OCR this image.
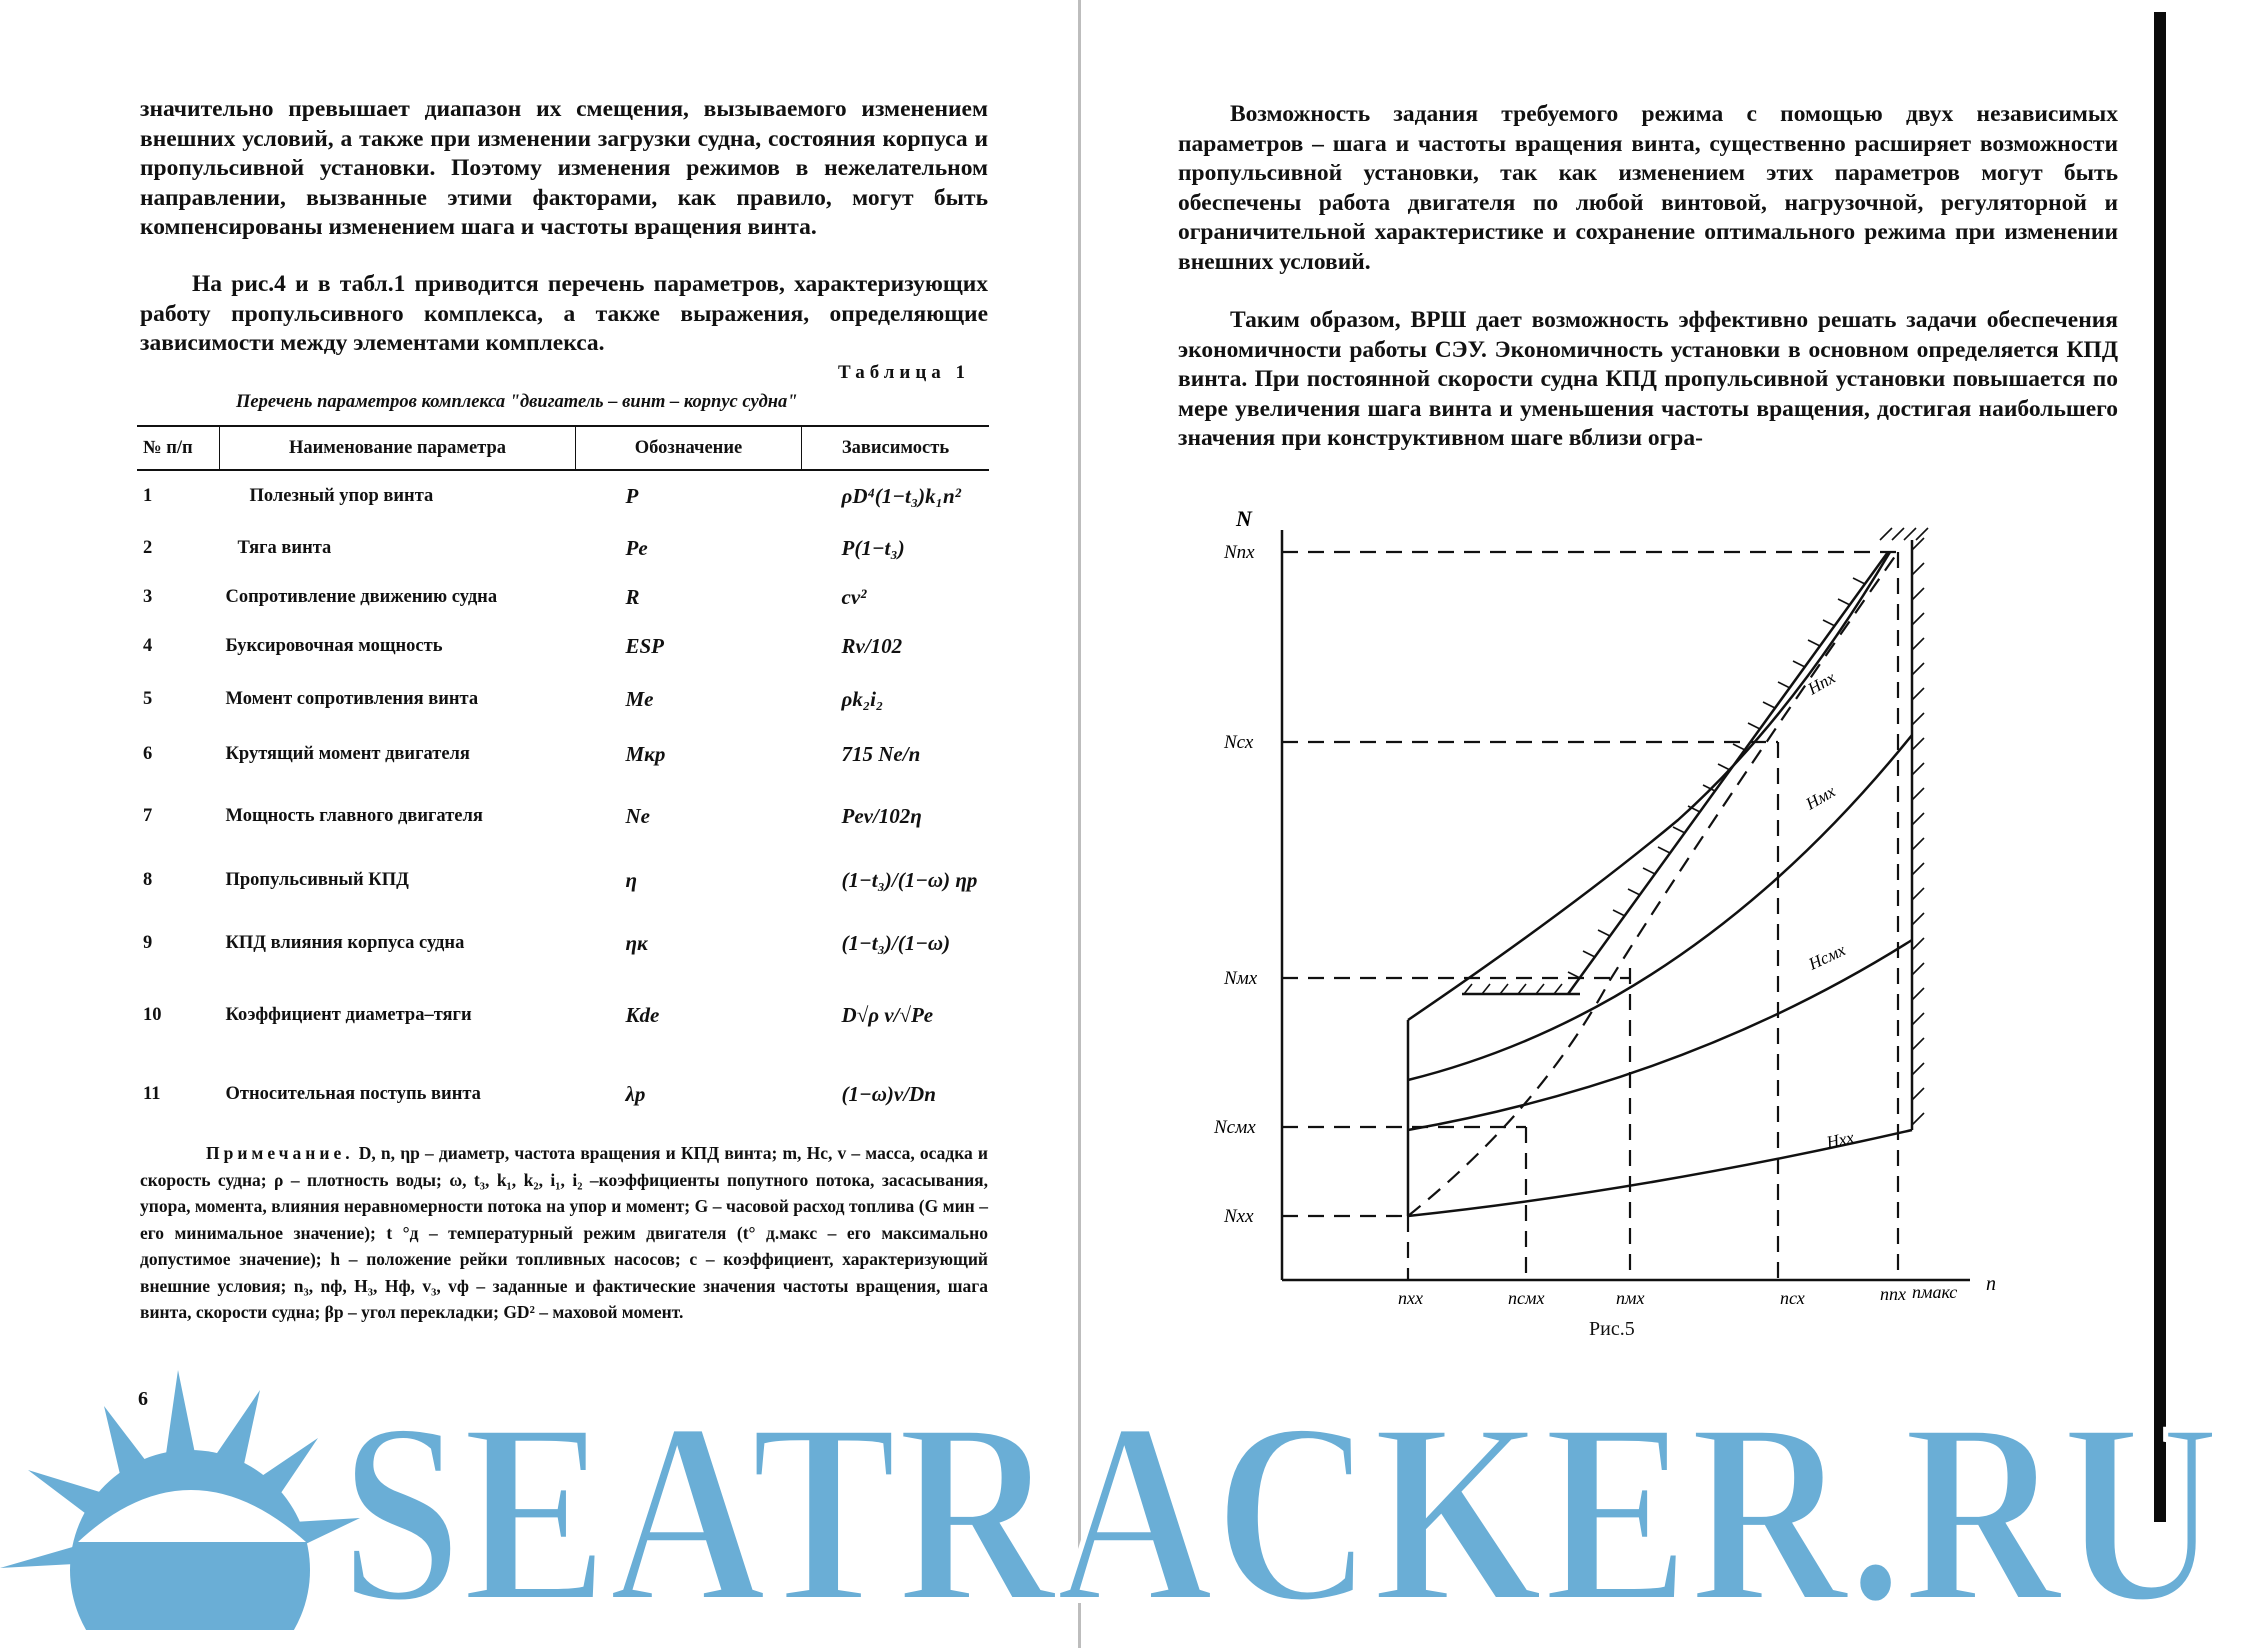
значительно превышает диапазон их смещения, вызываемого изменением внешних условий, а также при изменении загрузки судна, состояния корпуса и пропульсивной установки. Поэтому изменения режимов в нежелательном направлении, вызванные этими факторами, как правило, могут быть компенсированы изменением шага и частоты вращения винта.

На рис.4 и в табл.1 приводится перечень параметров, характеризующих работу пропульсивного комплекса, а также выражения, определяющие зависимости между элементами комплекса.

Таблица 1
Перечень параметров комплекса "двигатель – винт – корпус судна"
№ п/п	Наименование параметра	Обозначение	Зависимость
1	Полезный упор винта	P	ρD⁴(1−t₃)k₁n²
2	Тяга винта	Pе	P(1−t₃)
3	Сопротивление движению судна	R	cv²
4	Буксировочная мощность	ESP	Rv/102
5	Момент сопротивления винта	Mе	ρk₂i₂
6	Крутящий момент двигателя	Mкр	715 Ne/n
7	Мощность главного двигателя	Ne	Pev/102η
8	Пропульсивный КПД	η	(1−t₃)/(1−ω) ηp
9	КПД влияния корпуса судна	ηк	(1−t₃)/(1−ω)
10	Коэффициент диаметра–тяги	Kde	D√ρ v/√Pe
11	Относительная поступь винта	λp	(1−ω)v/Dn
Примечание. D, n, ηp – диаметр, частота вращения и КПД винта; m, Hс, v – масса, осадка и скорость судна; ρ – плотность воды; ω, t₃, k₁, k₂, i₁, i₂ –коэффициенты попутного потока, засасывания, упора, момента, влияния неравномерности потока на упор и момент; G – часовой расход топлива (G мин – его минимальное значение); t °д – температурный режим двигателя (t° д.макс – его максимально допустимое значение); h – положение рейки топливных насосов; c – коэффициент, характеризующий внешние условия; n₃, nф, H₃, Hф, v₃, vф – заданные и фактические значения частоты вращения, шага винта, скорости судна; βp – угол перекладки; GD² – маховой момент.
6

Возможность задания требуемого режима с помощью двух независимых параметров – шага и частоты вращения винта, существенно расширяет возможности пропульсивной установки, так как изменением этих параметров могут быть обеспечены работа двигателя по любой винтовой, нагрузочной, регуляторной и ограничительной характеристике и сохранение оптимального режима при изменении внешних условий.

Таким образом, ВРШ дает возможность эффективно решать задачи обеспечения экономичности работы СЭУ. Экономичность установки в основном определяется КПД винта. При постоянной скорости судна КПД пропульсивной установки повышается по мере увеличения шага винта и уменьшения частоты вращения, достигая наибольшего значения при конструктивном шаге вблизи огра-

N
n
Nпх
Nсх
Nмх
Nсмх
Nхх
nхх	nсмх	nмх	nсх	nпх nмакс
Hпх
Hмх
Hсмх
Hхх
Рис.5
SEATRACKER.RU
